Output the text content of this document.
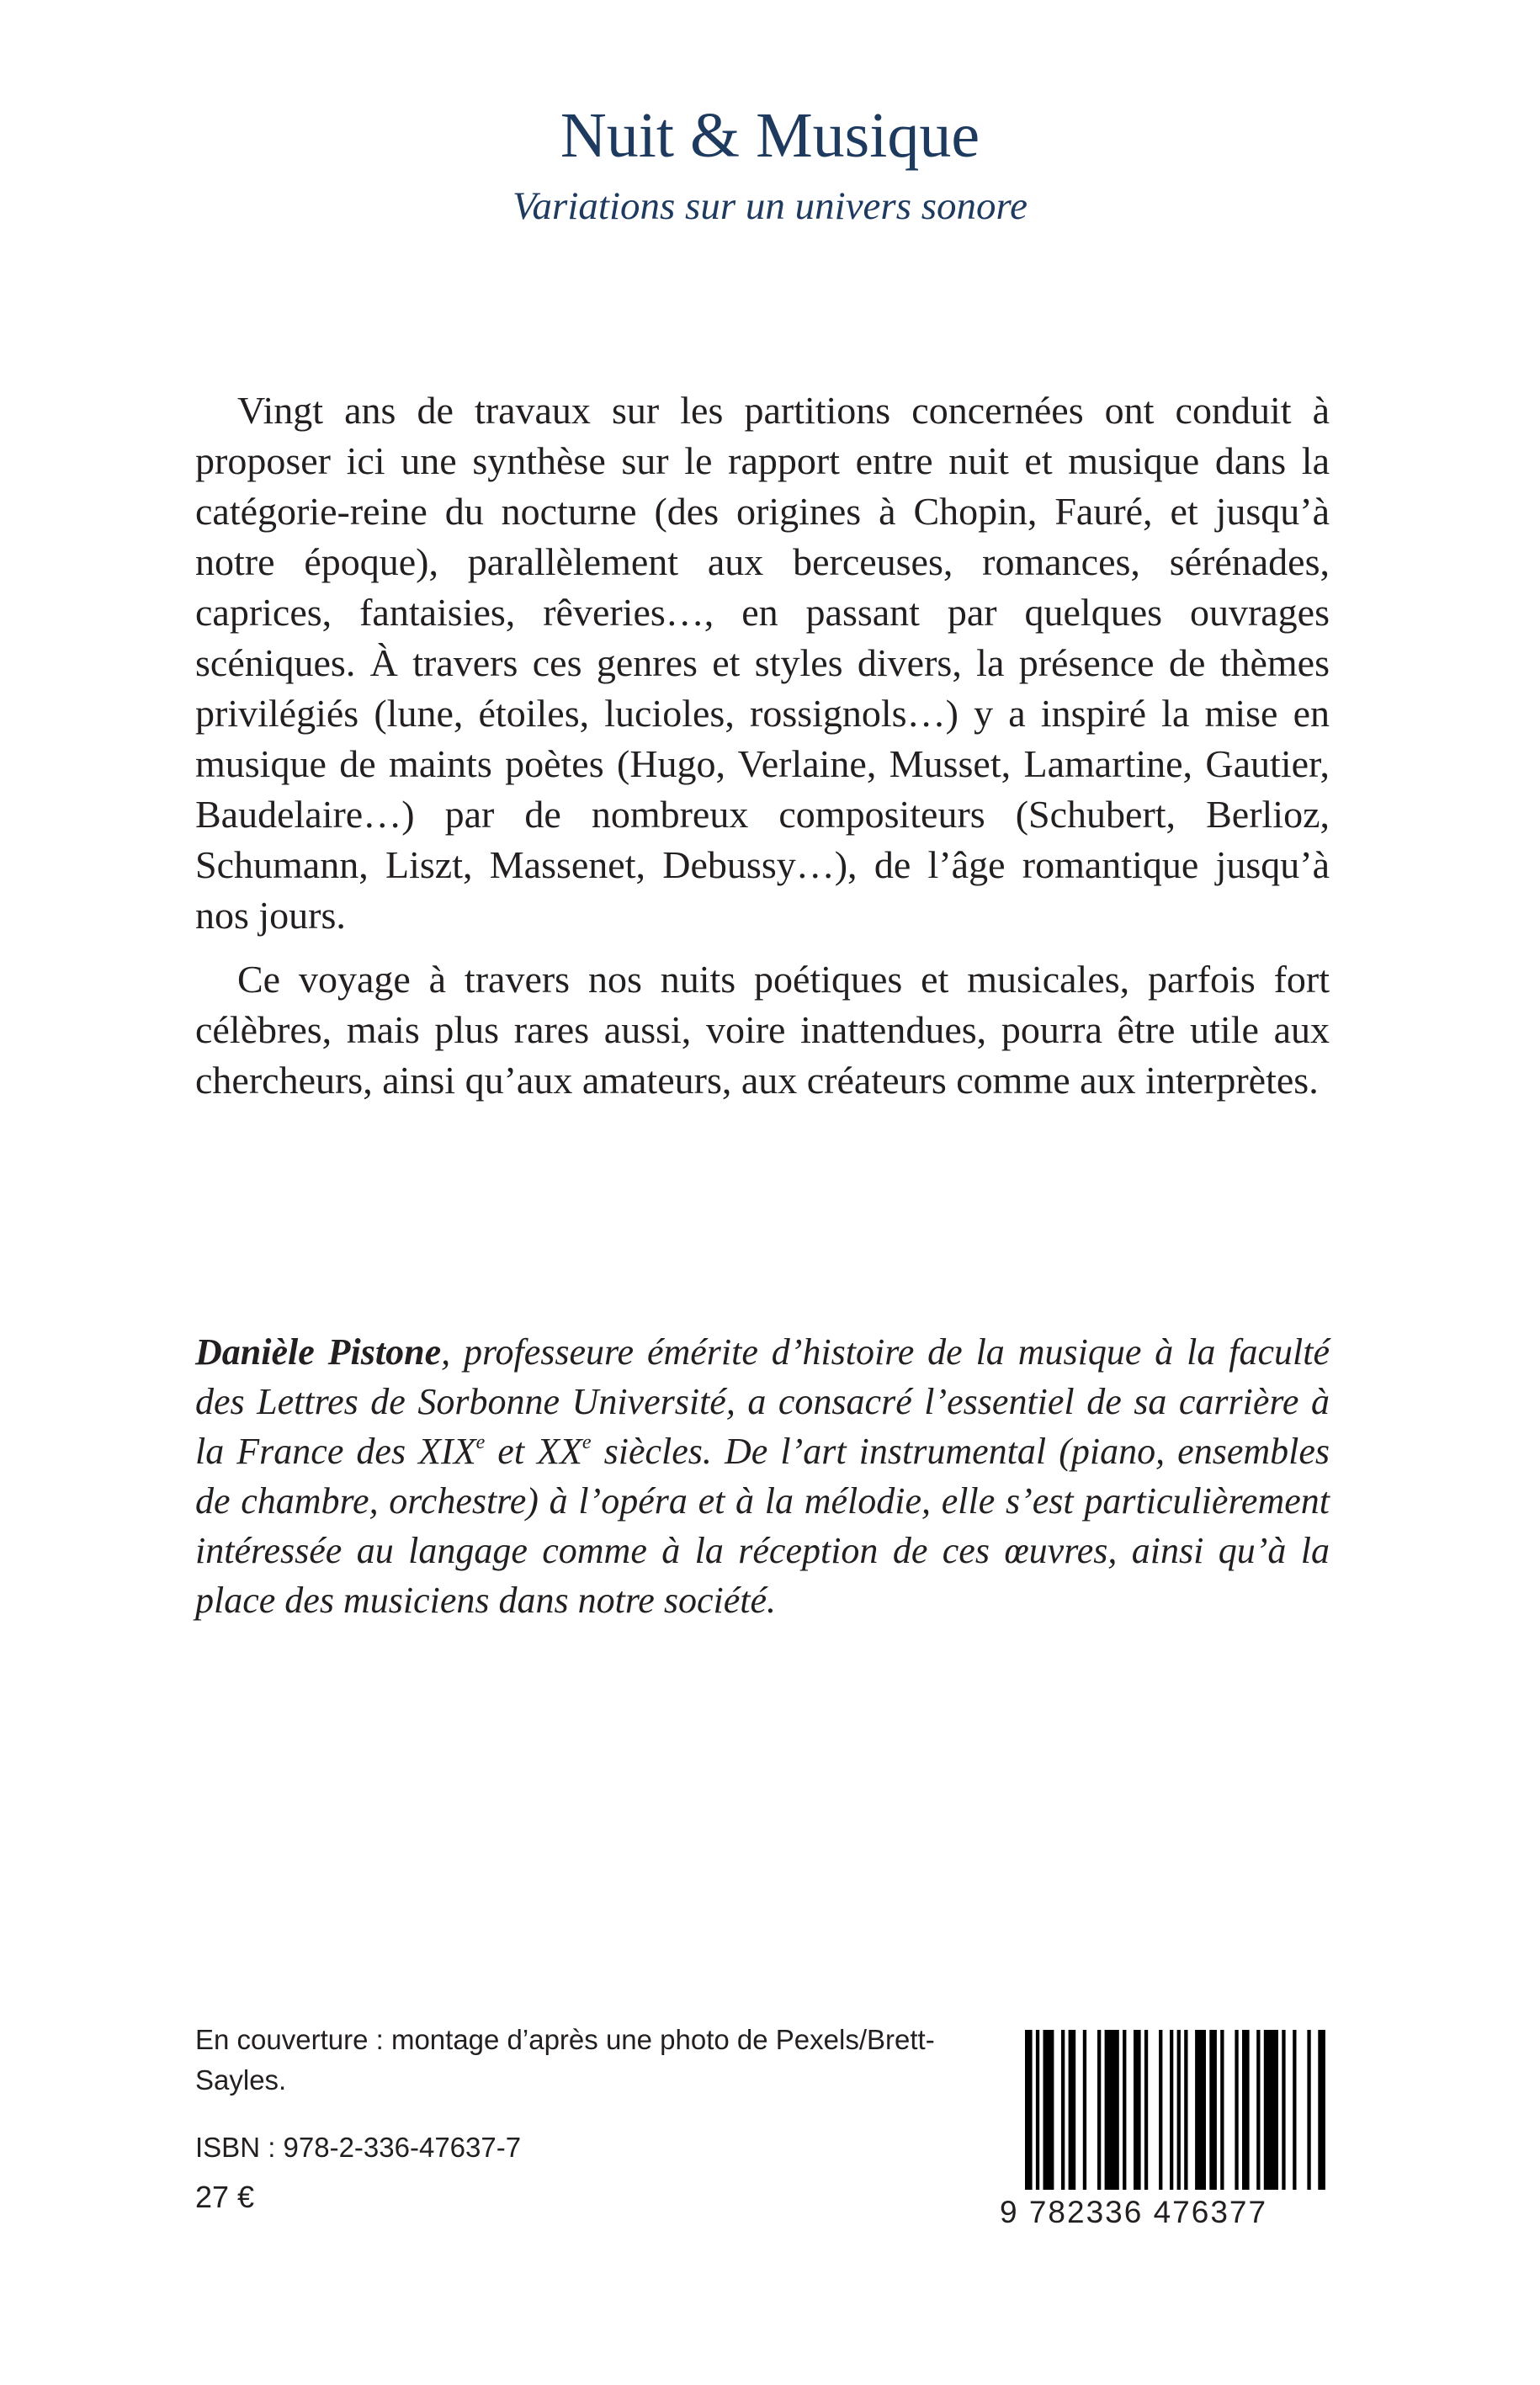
Nuit & Musique
Variations sur un univers sonore

Vingt ans de travaux sur les partitions concernées ont conduit à proposer ici une synthèse sur le rapport entre nuit et musique dans la catégorie-reine du nocturne (des origines à Chopin, Fauré, et jusqu’à notre époque), parallèlement aux berceuses, romances, sérénades, caprices, fantaisies, rêveries…, en passant par quelques ouvrages scéniques. À travers ces genres et styles divers, la présence de thèmes privilégiés (lune, étoiles, lucioles, rossignols…) y a inspiré la mise en musique de maints poètes (Hugo, Verlaine, Musset, Lamartine, Gautier, Baudelaire…) par de nombreux compositeurs (Schubert, Berlioz, Schumann, Liszt, Massenet, Debussy…), de l’âge romantique jusqu’à nos jours.

Ce voyage à travers nos nuits poétiques et musicales, parfois fort célèbres, mais plus rares aussi, voire inattendues, pourra être utile aux chercheurs, ainsi qu’aux amateurs, aux créateurs comme aux interprètes.

Danièle Pistone, professeure émérite d’histoire de la musique à la faculté des Lettres de Sorbonne Université, a consacré l’essentiel de sa carrière à la France des XIXe et XXe siècles. De l’art instrumental (piano, ensembles de chambre, orchestre) à l’opéra et à la mélodie, elle s’est particulièrement intéressée au langage comme à la réception de ces œuvres, ainsi qu’à la place des musiciens dans notre société.
En couverture : montage d’après une photo de Pexels/Brett-Sayles.
ISBN : 978-2-336-47637-7
27 €	9 782336 476377
